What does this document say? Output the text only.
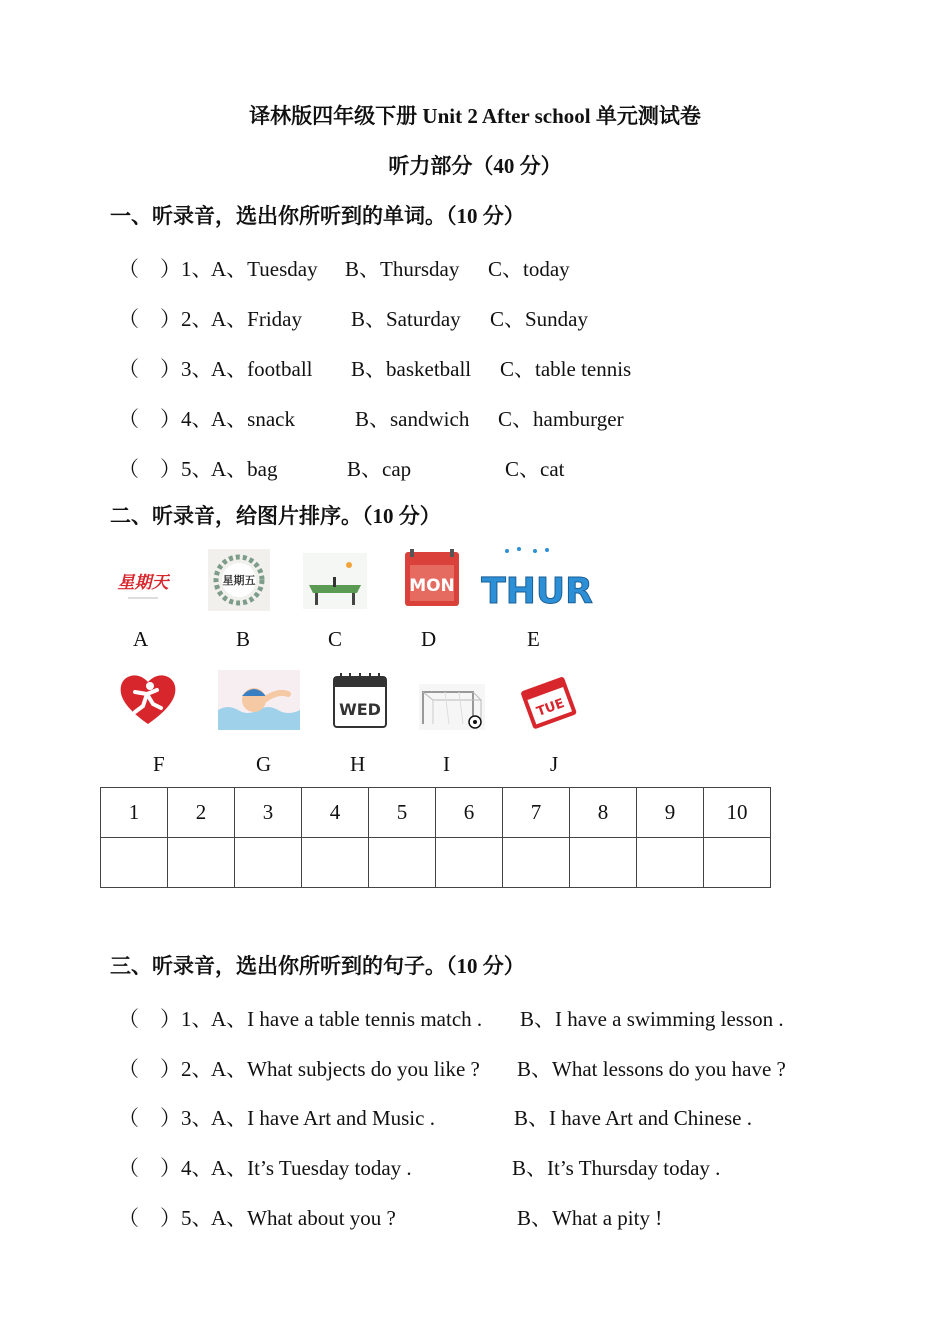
译林版四年级下册 Unit 2 After school 单元测试卷
听力部分（40 分）
一、听录音，选出你所听到的单词。（10 分）
（　）1、
A、Tuesday B、Thursday C、today
（　）2、
A、Friday B、Saturday C、Sunday
（　）3、
A、football B、basketball C、table tennis
（　）4、
A、snack	B、sandwich C、hamburger
（　）5、
A、bag	B、cap	C、cat
二、听录音，给图片排序。（10 分）
星期天	星期五	MON THUR
A	B	C	D	E
WED	TUE
F	G	H	I	J
1	2	3	4	5	6	7	8	9	10

三、听录音，选出你所听到的句子。（10 分）
（　）1、
A、I have a table tennis match . B、I have a swimming lesson .
（　）2、
A、What subjects do you like ? B、What lessons do you have ?
（　）3、
A、I have Art and Music .	B、I have Art and Chinese .
（　）4、
A、It’s Tuesday today .	B、It’s Thursday today .
（　）5、
A、What about you ?	B、What a pity !
